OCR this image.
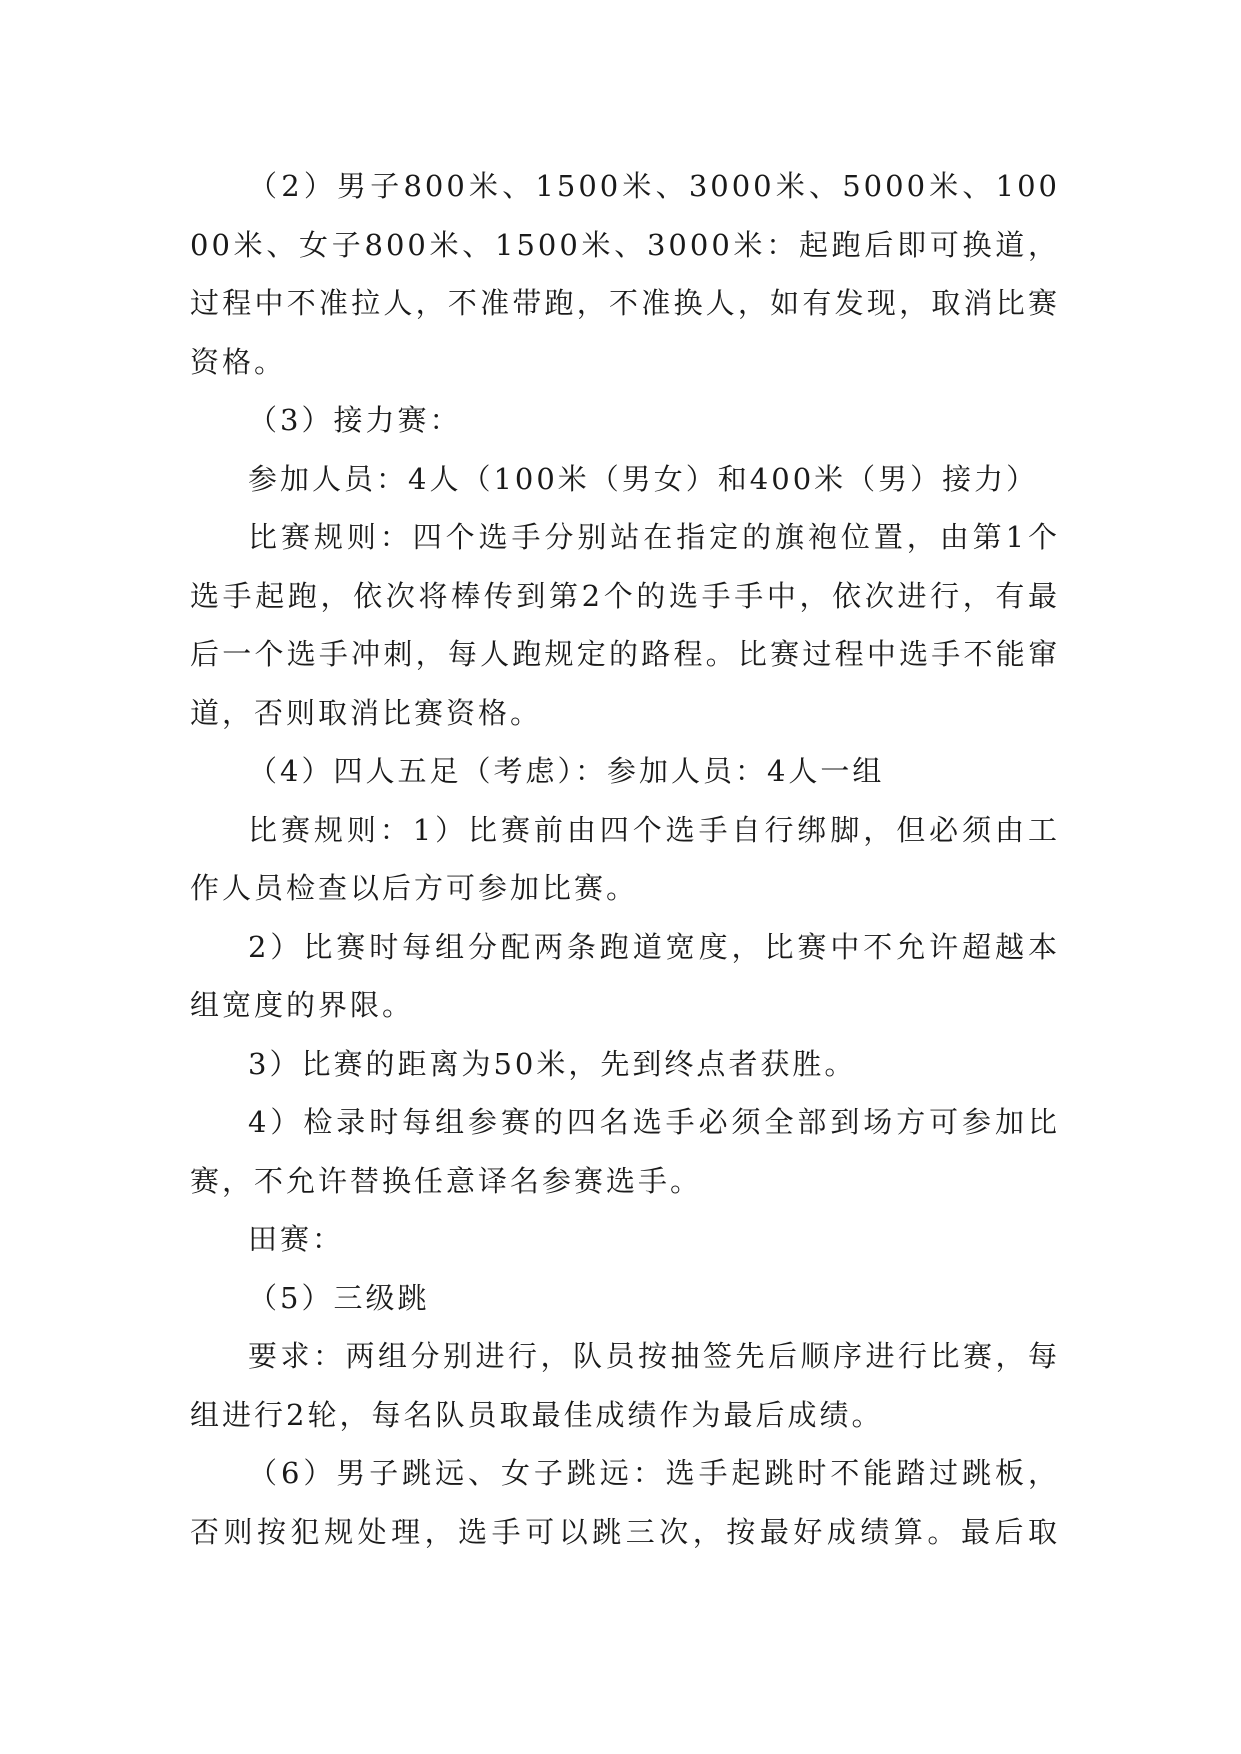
（2）男子800米、1500米、3000米、5000米、10000米、女子800米、1500米、3000米：起跑后即可换道，过程中不准拉人，不准带跑，不准换人，如有发现，取消比赛资格。

（3）接力赛：

参加人员：4人（100米（男女）和400米（男）接力）

比赛规则：四个选手分别站在指定的旗袍位置，由第1个选手起跑，依次将棒传到第2个的选手手中，依次进行，有最后一个选手冲刺，每人跑规定的路程。比赛过程中选手不能窜道，否则取消比赛资格。

（4）四人五足（考虑）：参加人员：4人一组

比赛规则：1）比赛前由四个选手自行绑脚，但必须由工作人员检查以后方可参加比赛。

2）比赛时每组分配两条跑道宽度，比赛中不允许超越本组宽度的界限。

3）比赛的距离为50米，先到终点者获胜。

4）检录时每组参赛的四名选手必须全部到场方可参加比赛，不允许替换任意译名参赛选手。

田赛：

（5）三级跳

要求：两组分别进行，队员按抽签先后顺序进行比赛，每组进行2轮，每名队员取最佳成绩作为最后成绩。

（6）男子跳远、女子跳远：选手起跳时不能踏过跳板，否则按犯规处理，选手可以跳三次，按最好成绩算。最后取
